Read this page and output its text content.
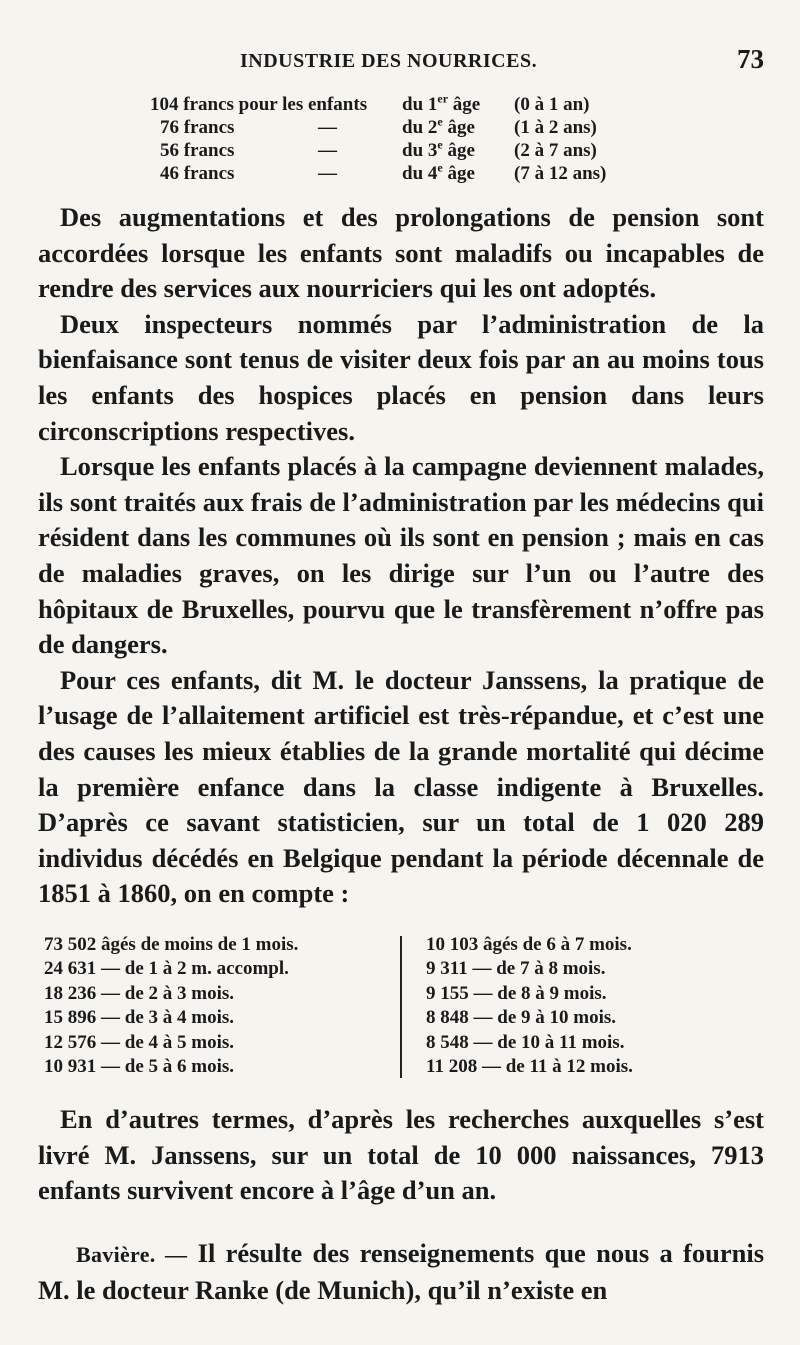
INDUSTRIE DES NOURRICES.	73
104 francs pour les enfants	du 1er âge (0 à 1 an)
76 francs	—	du 2e âge (1 à 2 ans)
56 francs	—	du 3e âge (2 à 7 ans)
46 francs	—	du 4e âge (7 à 12 ans)

Des augmentations et des prolongations de pension sont accordées lorsque les enfants sont maladifs ou incapables de rendre des services aux nourriciers qui les ont adoptés.

Deux inspecteurs nommés par l’administration de la bienfaisance sont tenus de visiter deux fois par an au moins tous les enfants des hospices placés en pension dans leurs circonscriptions respectives.

Lorsque les enfants placés à la campagne deviennent malades, ils sont traités aux frais de l’administration par les médecins qui résident dans les communes où ils sont en pension ; mais en cas de maladies graves, on les dirige sur l’un ou l’autre des hôpitaux de Bruxelles, pourvu que le transfèrement n’offre pas de dangers.

Pour ces enfants, dit M. le docteur Janssens, la pratique de l’usage de l’allaitement artificiel est très-répandue, et c’est une des causes les mieux établies de la grande mortalité qui décime la première enfance dans la classe indigente à Bruxelles. D’après ce savant statisticien, sur un total de 1 020 289 individus décédés en Belgique pendant la période décennale de 1851 à 1860, on en compte :

73 502 âgés de moins de 1 mois.
24 631 — de 1 à 2 m. accompl.
18 236 — de 2 à 3 mois.
15 896 — de 3 à 4 mois.
12 576 — de 4 à 5 mois.
10 931 — de 5 à 6 mois.
10 103 âgés de 6 à 7 mois.
9 311 — de 7 à 8 mois.
9 155 — de 8 à 9 mois.
8 848 — de 9 à 10 mois.
8 548 — de 10 à 11 mois.
11 208 — de 11 à 12 mois.

En d’autres termes, d’après les recherches auxquelles s’est livré M. Janssens, sur un total de 10 000 naissances, 7913 enfants survivent encore à l’âge d’un an.

Bavière. — Il résulte des renseignements que nous a fournis M. le docteur Ranke (de Munich), qu’il n’existe en
